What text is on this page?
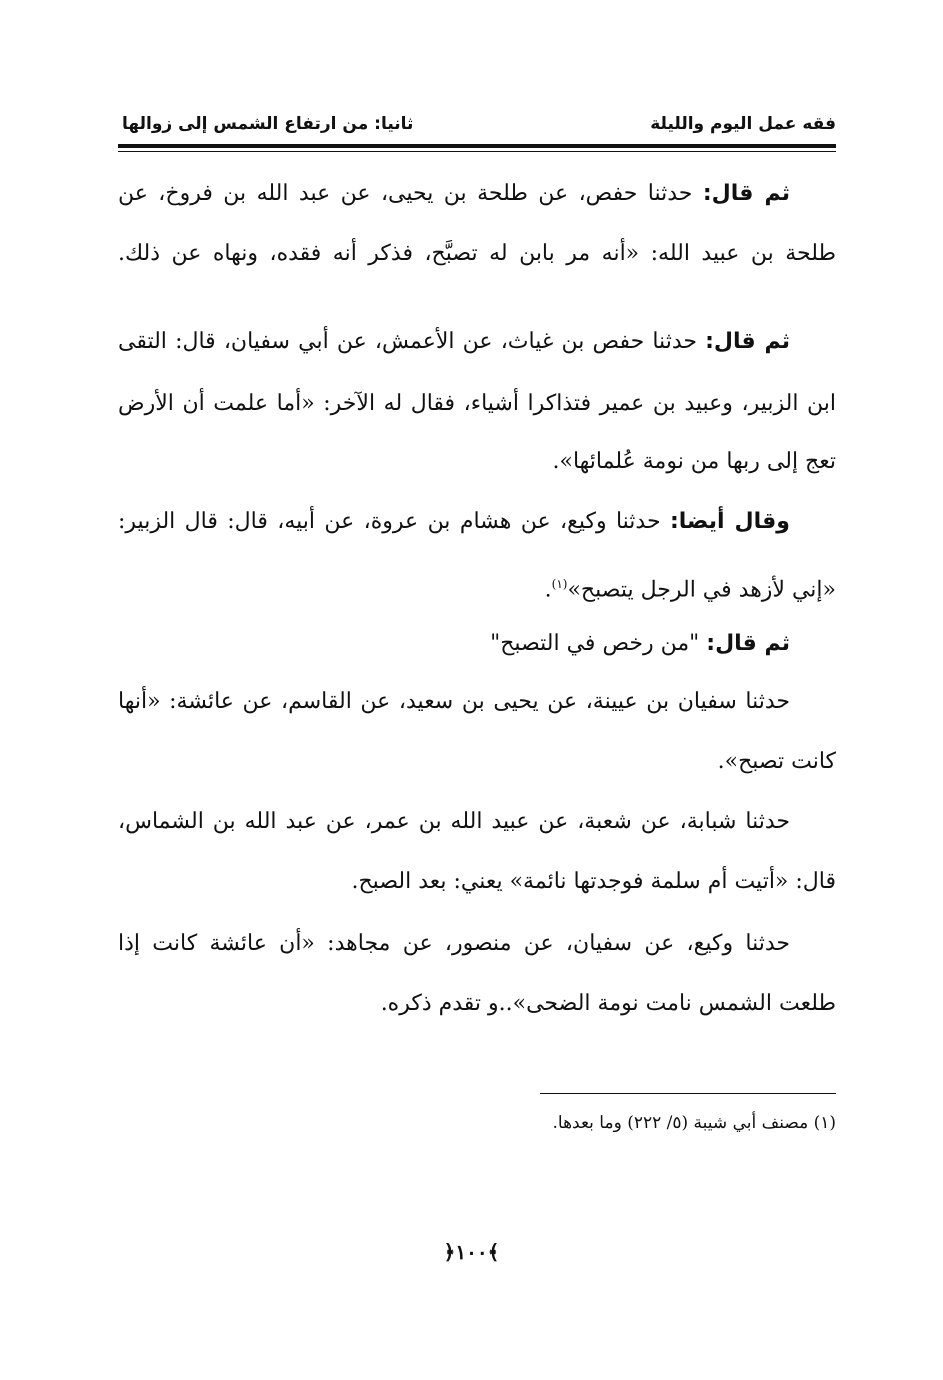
فقه عمل اليوم والليلة
ثانيا: من ارتفاع الشمس إلى زوالها
ثم قال: حدثنا حفص، عن طلحة بن يحيى، عن عبد الله بن فروخ، عن
طلحة بن عبيد الله: «أنه مر بابن له تصبَّح، فذكر أنه فقده، ونهاه عن ذلك.
ثم قال: حدثنا حفص بن غياث، عن الأعمش، عن أبي سفيان، قال: التقى
ابن الزبير، وعبيد بن عمير فتذاكرا أشياء، فقال له الآخر: «أما علمت أن الأرض
تعج إلى ربها من نومة عُلمائها».
وقال أيضا: حدثنا وكيع، عن هشام بن عروة، عن أبيه، قال: قال الزبير:
«إني لأزهد في الرجل يتصبح»$^{(١)}$.
ثم قال: "من رخص في التصبح"
حدثنا سفيان بن عيينة، عن يحيى بن سعيد، عن القاسم، عن عائشة: «أنها
كانت تصبح».
حدثنا شبابة، عن شعبة، عن عبيد الله بن عمر، عن عبد الله بن الشماس،
قال: «أتيت أم سلمة فوجدتها نائمة» يعني: بعد الصبح.
حدثنا وكيع، عن سفيان، عن منصور، عن مجاهد: «أن عائشة كانت إذا
طلعت الشمس نامت نومة الضحى»..و تقدم ذكره.
(١) مصنف أبي شيبة (٥/ ٢٢٢) وما بعدها.
﴿١٠٠﴾
